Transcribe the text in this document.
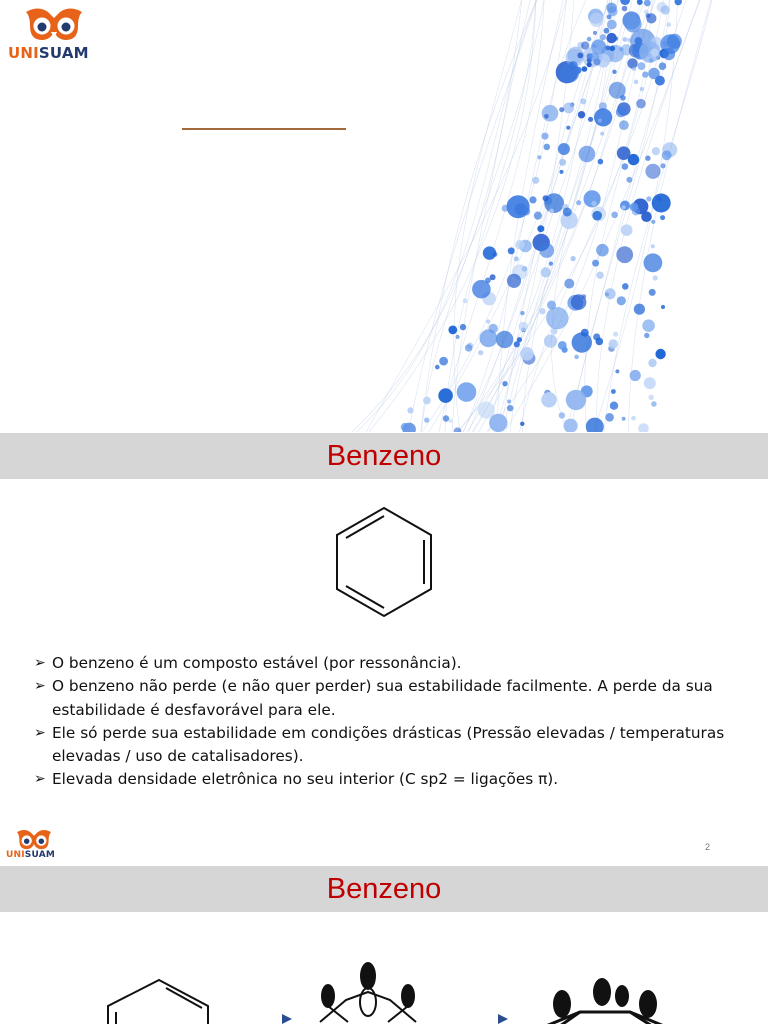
UNISUAM
Benzeno
➢ O benzeno é um composto estável (por ressonância).
➢ O benzeno não perde (e não quer perder) sua estabilidade facilmente. A perde da sua estabilidade é desfavorável para ele.
➢ Ele só perde sua estabilidade em condições drásticas (Pressão elevadas / temperaturas elevadas / uso de catalisadores).
➢ Elevada densidade eletrônica no seu interior (C sp2 = ligações π).
UNISUAM
2
Benzeno
